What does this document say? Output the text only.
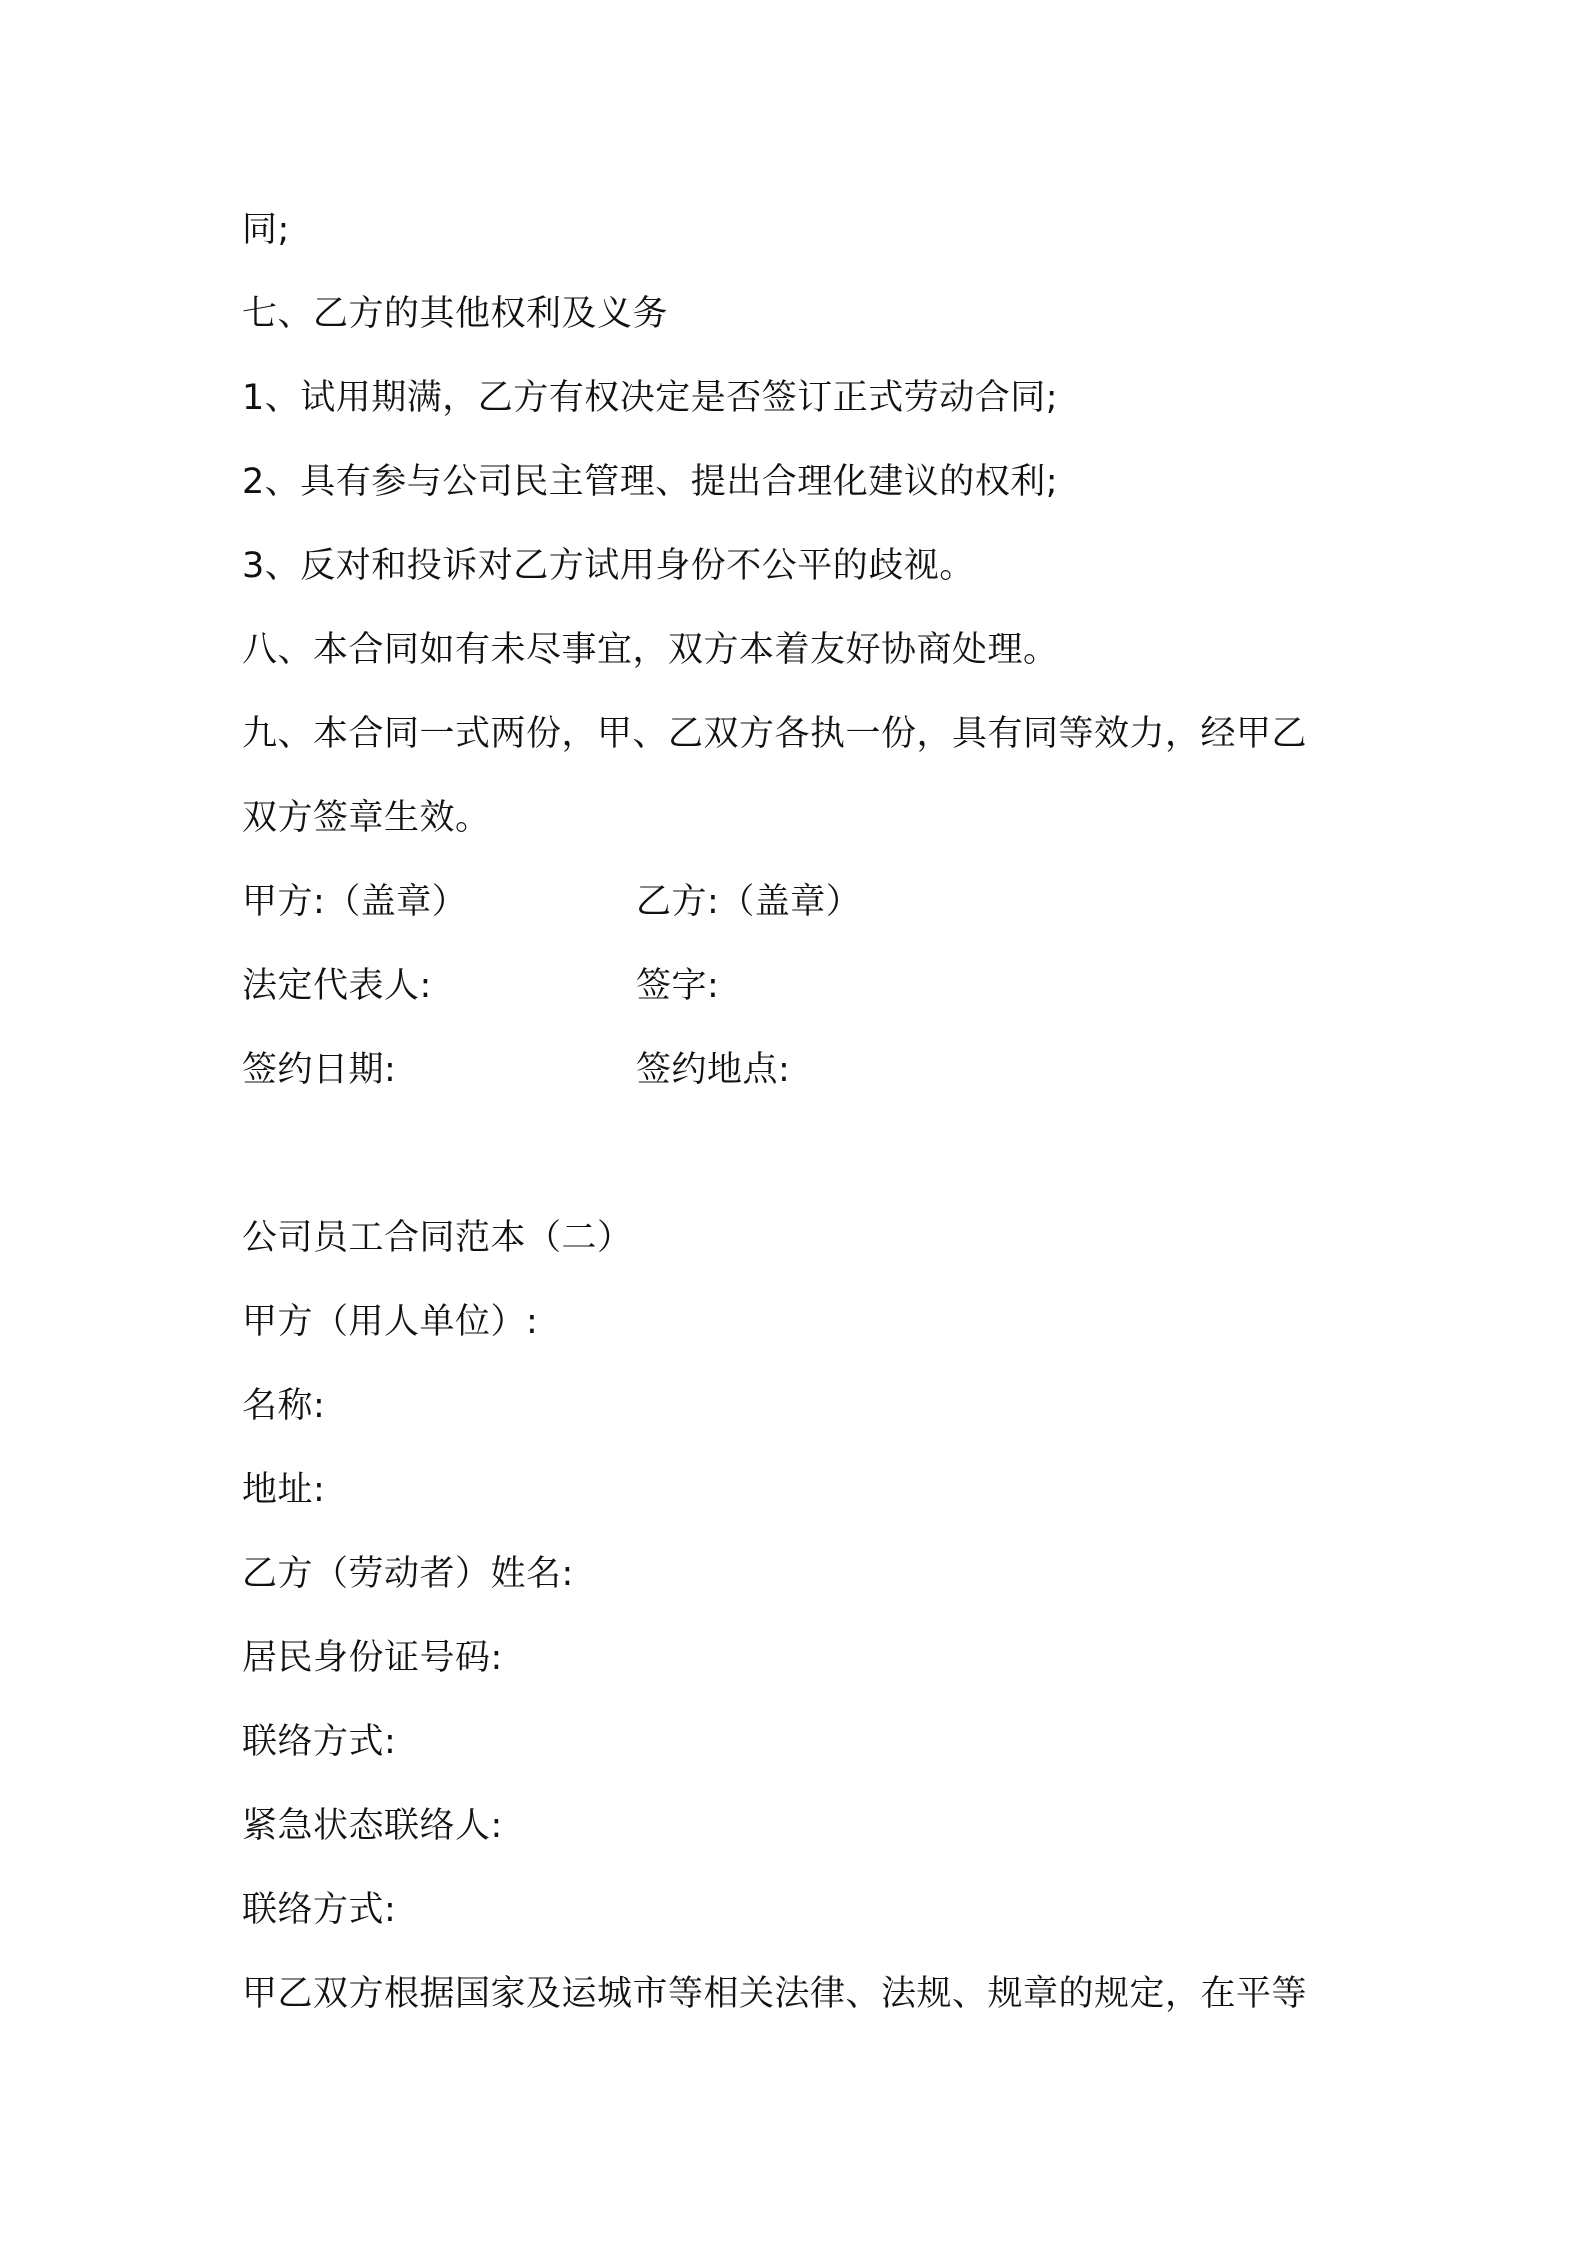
同;
七、乙方的其他权利及义务
1、试用期满，乙方有权决定是否签订正式劳动合同;
2、具有参与公司民主管理、提出合理化建议的权利;
3、反对和投诉对乙方试用身份不公平的歧视。
八、本合同如有未尽事宜，双方本着友好协商处理。
九、本合同一式两份，甲、乙双方各执一份，具有同等效力，经甲乙
双方签章生效。
甲方:（盖章）	乙方:（盖章）
法定代表人:	签字:
签约日期:	签约地点:
公司员工合同范本（二）
甲方（用人单位）:
名称:
地址:
乙方（劳动者）姓名:
居民身份证号码:
联络方式:
紧急状态联络人:
联络方式:
甲乙双方根据国家及运城市等相关法律、法规、规章的规定，在平等
